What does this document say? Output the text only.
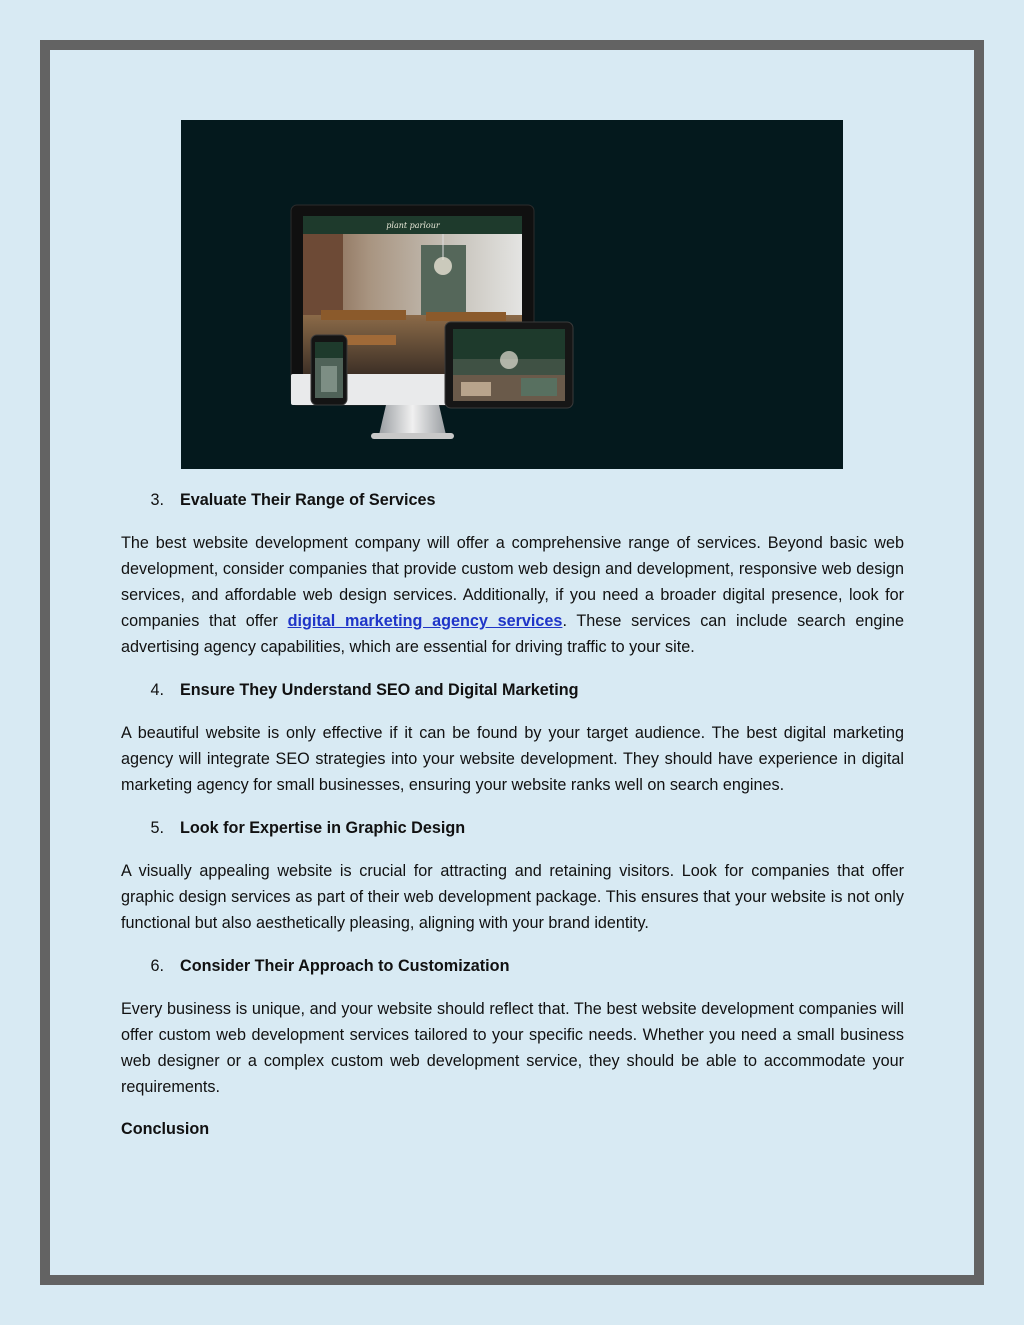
plant parlour
3. Evaluate Their Range of Services

The best website development company will offer a comprehensive range of services. Beyond basic web development, consider companies that provide custom web design and development, responsive web design services, and affordable web design services. Additionally, if you need a broader digital presence, look for companies that offer digital marketing agency services. These services can include search engine advertising agency capabilities, which are essential for driving traffic to your site.

4. Ensure They Understand SEO and Digital Marketing

A beautiful website is only effective if it can be found by your target audience. The best digital marketing agency will integrate SEO strategies into your website development. They should have experience in digital marketing agency for small businesses, ensuring your website ranks well on search engines.

5. Look for Expertise in Graphic Design

A visually appealing website is crucial for attracting and retaining visitors. Look for companies that offer graphic design services as part of their web development package. This ensures that your website is not only functional but also aesthetically pleasing, aligning with your brand identity.

6. Consider Their Approach to Customization

Every business is unique, and your website should reflect that. The best website development companies will offer custom web development services tailored to your specific needs. Whether you need a small business web designer or a complex custom web development service, they should be able to accommodate your requirements.

Conclusion
